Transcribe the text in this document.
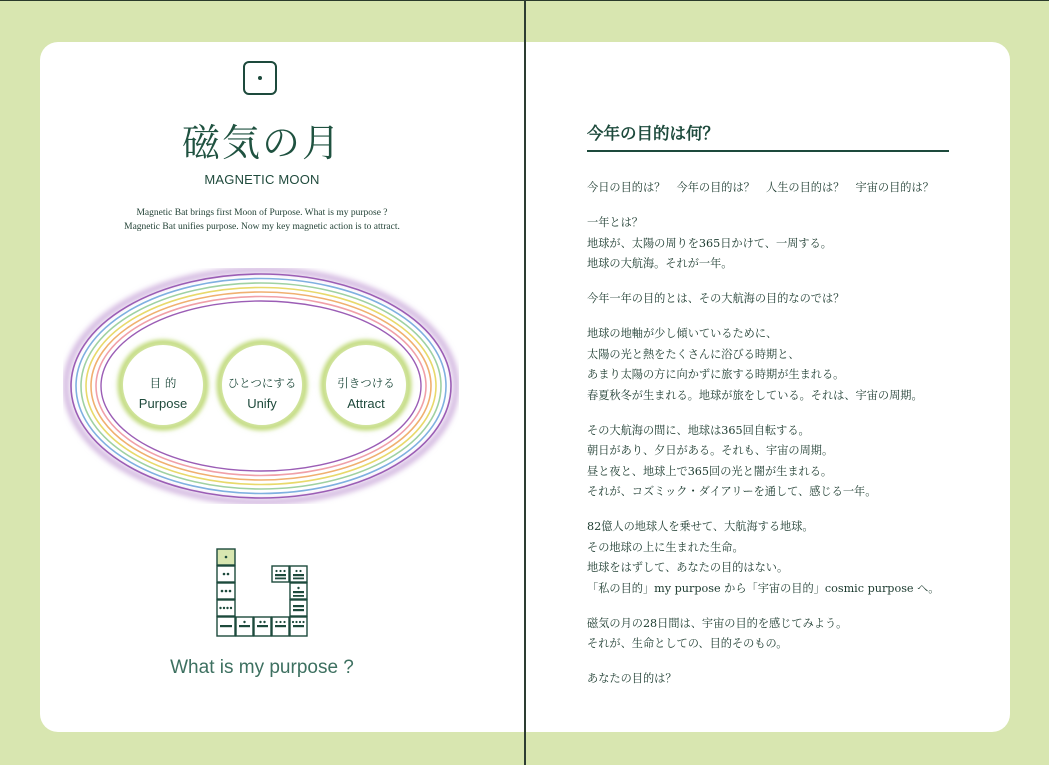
磁気の月
MAGNETIC MOON
Magnetic Bat brings first Moon of Purpose. What is my purpose ?
Magnetic Bat unifies purpose. Now my key magnetic action is to attract.
目 的
Purpose
ひとつにする
Unify
引きつける
Attract
What is my purpose ?
今年の目的は何？

今日の目的は？　今年の目的は？　人生の目的は？　宇宙の目的は？

一年とは？
地球が、太陽の周りを365日かけて、一周する。
地球の大航海。それが一年。

今年一年の目的とは、その大航海の目的なのでは？

地球の地軸が少し傾いているために、
太陽の光と熱をたくさんに浴びる時期と、
あまり太陽の方に向かずに旅する時期が生まれる。
春夏秋冬が生まれる。地球が旅をしている。それは、宇宙の周期。

その大航海の間に、地球は365回自転する。
朝日があり、夕日がある。それも、宇宙の周期。
昼と夜と、地球上で365回の光と闇が生まれる。
それが、コズミック・ダイアリーを通して、感じる一年。

82億人の地球人を乗せて、大航海する地球。
その地球の上に生まれた生命。
地球をはずして、あなたの目的はない。
「私の目的」my purpose から「宇宙の目的」cosmic purpose へ。

磁気の月の28日間は、宇宙の目的を感じてみよう。
それが、生命としての、目的そのもの。

あなたの目的は？
